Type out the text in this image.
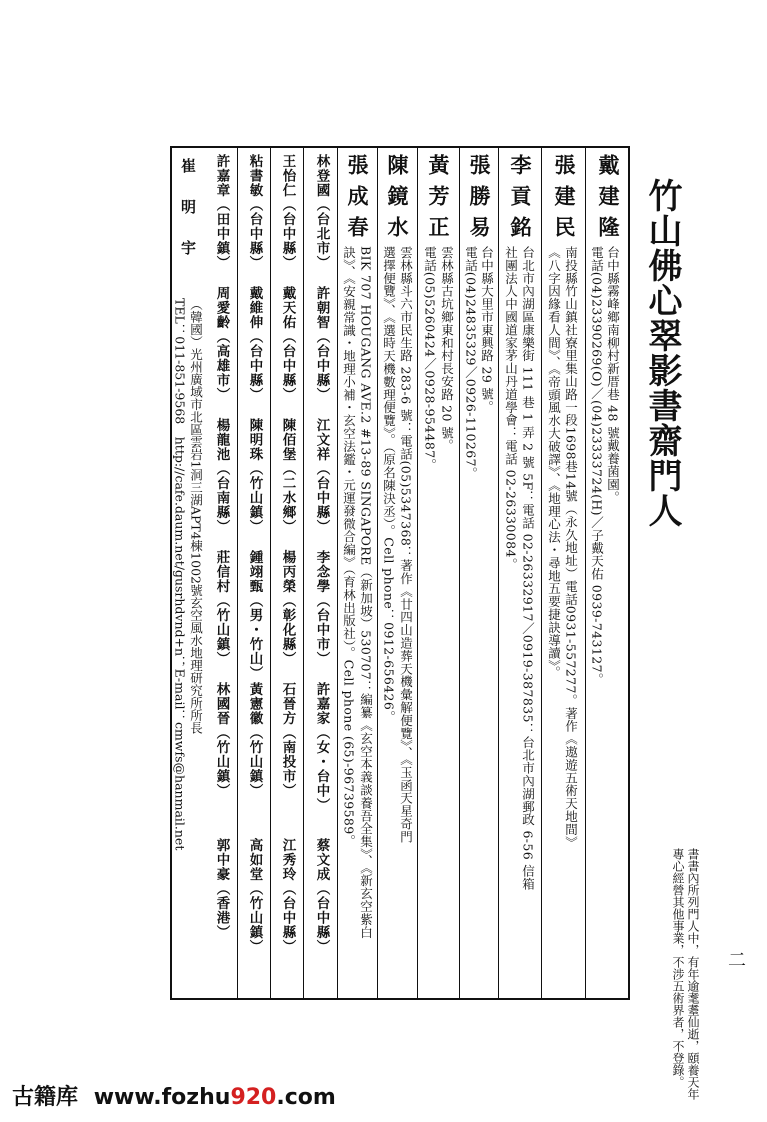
竹山佛心翠影書齋門人
書書內所列門人中，有年逾耄耋仙逝，頤養天年
專心經營其他事業，不涉五術界者，不登錄。 二
戴建隆
台中縣霧峰鄉南柳村新厝巷 48 號戴養菌園。
電話(04)23390269(O)／(04)23333724(H)／子戴天佑 0939-743127。
張建民
南投縣竹山鎮社寮里集山路一段1698巷14號（永久地址）電話0931-557277。著作《遨遊五術天地間》
《八字因緣看人間》、《帝頭風水大破譯》、《地理心法・尋地五要捷訣導讀》。
李貢銘
台北市內湖區康樂街 111 巷 1 弄 2 號 5F：電話 02-26332917／0919-387835：台北市內湖郵政 6-56 信箱
社團法人中國道家茅山丹道學會：電話 02-26330084。
張勝易
台中縣大里市東興路 29 號。
電話(04)24835329／0926-110267。
黃芳正
雲林縣古坑鄉東和村長安路 20 號。
電話(05)5260424／0928-954487。
陳鏡水
雲林縣斗六市民生路 283-6 號：電話(05)5347368：著作《廿四山造葬天機彙解便覽》、《玉函天星奇門
選擇便覽》、《選時天機數理便覽》。（原名陳決丞）。Cell phone：0912-656426。
張成春
BIK 707 HOUGANG AVE.2 #13-89 SINGAPORE（新加坡）530707：編纂《玄空本義談養吾全集》、《新玄空紫白
訣》、《安親常識・地理小補・玄空法鑑・元運發微合編》（育林出版社）。Cell phone (65)-96739589。
林登國（台北市）
許朝智（台中縣）
江文祥（台中縣）
李念學（台中市）
許嘉家（女・台中）
蔡文成（台中縣）
王怡仁（台中縣）
戴天佑（台中縣）
陳佰堡（二水鄉）
楊丙榮（彰化縣）
石晉方（南投市）
江秀玲（台中縣）
粘書敏（台中縣）
戴維伸（台中縣）
陳明珠（竹山鎮）
鍾翊甄（男・竹山）
黃憲徽（竹山鎮）
高如堂（竹山鎮）
許嘉章（田中鎮）
周愛齡（高雄市）
楊龍池（台南縣）
莊信村（竹山鎮）
林國晉（竹山鎮）
郭中豪（香港）
TEL：011-851-9568　http://cafe.daum.net/gusrhdvnd+n；E-mail：cmwfs@hanmail.net （韓國）光州廣域市北區雲岩1洞三湖APT4棟1002號玄空風水地理研究所所長
崔明宇
古籍库 www.fozhu920.com
